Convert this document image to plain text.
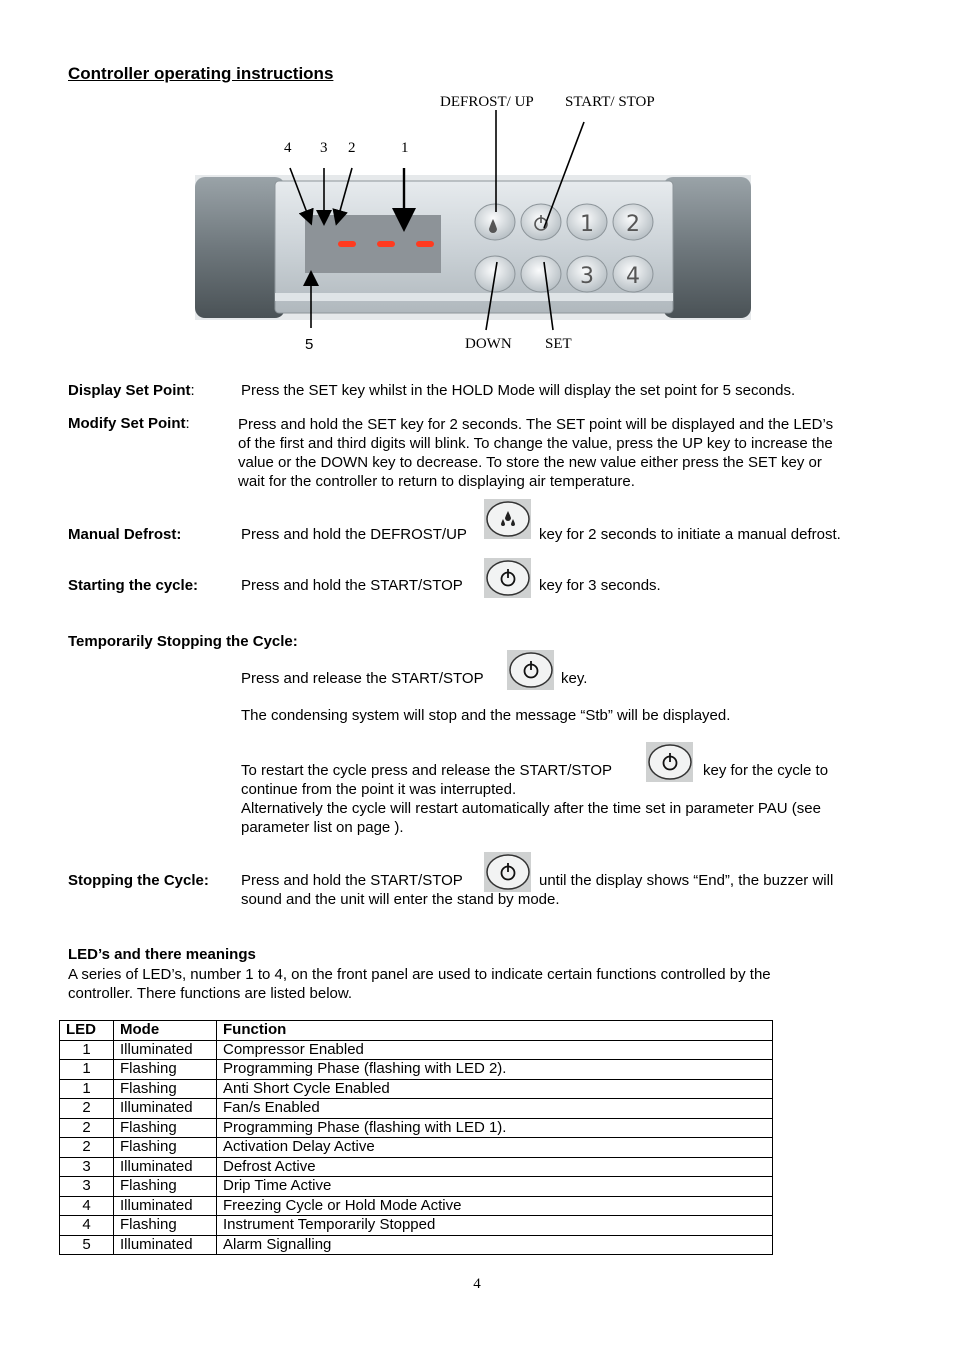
Controller operating instructions
DEFROST/ UP START/ STOP
4 3 2	1
1 2
3 4
5	DOWN SET
Display Set Point:	Press the SET key whilst in the HOLD Mode will display the set point for 5 seconds.
Modify Set Point:	Press and hold the SET key for 2 seconds. The SET point will be displayed and the LED’s
of the first and third digits will blink. To change the value, press the UP key to increase the
value or the DOWN key to decrease. To store the new value either press the SET key or
wait for the controller to return to displaying air temperature.
Manual Defrost:	Press and hold the DEFROST/UP	key for 2 seconds to initiate a manual defrost.
Starting the cycle:	Press and hold the START/STOP	key for 3 seconds.
Temporarily Stopping the Cycle:
Press and release the START/STOP	key.
The condensing system will stop and the message “Stb” will be displayed.
To restart the cycle press and release the START/STOP	key for the cycle to
continue from the point it was interrupted.
Alternatively the cycle will restart automatically after the time set in parameter PAU (see
parameter list on page ).
Stopping the Cycle: Press and hold the START/STOP	until the display shows “End”, the buzzer will
sound and the unit will enter the stand by mode.
LED’s and there meanings
A series of LED’s, number 1 to 4, on the front panel are used to indicate certain functions controlled by the
controller. There functions are listed below.
LED	Mode	Function
1	Illuminated	Compressor Enabled
1	Flashing	Programming Phase (flashing with LED 2).
1	Flashing	Anti Short Cycle Enabled
2	Illuminated	Fan/s Enabled
2	Flashing	Programming Phase (flashing with LED 1).
2	Flashing	Activation Delay Active
3	Illuminated	Defrost Active
3	Flashing	Drip Time Active
4	Illuminated	Freezing Cycle or Hold Mode Active
4	Flashing	Instrument Temporarily Stopped
5	Illuminated	Alarm Signalling
4
